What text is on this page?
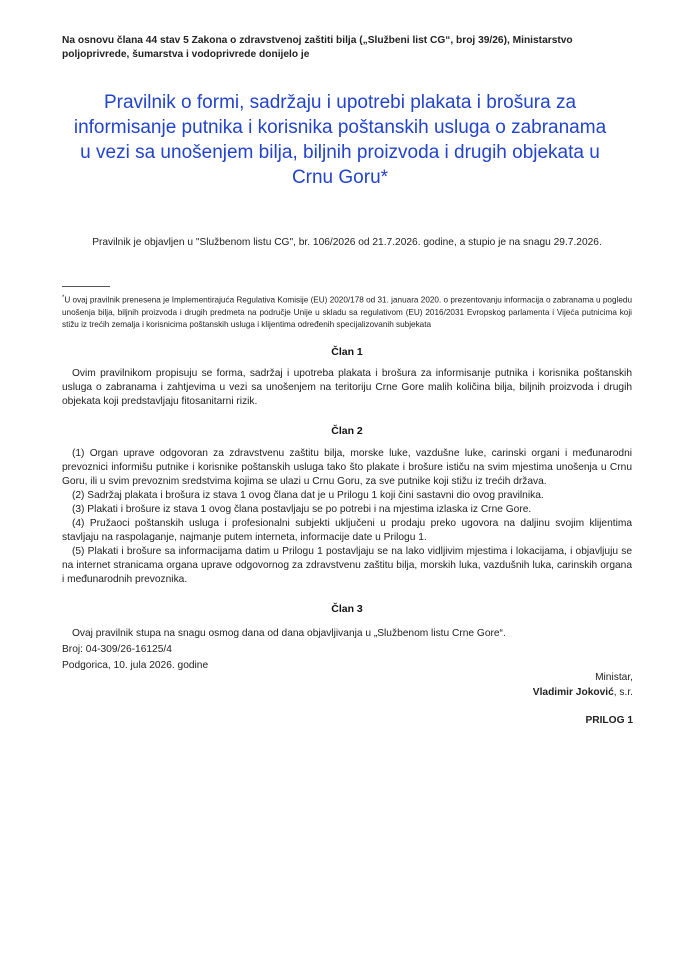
Na osnovu člana 44 stav 5 Zakona o zdravstvenoj zaštiti bilja („Službeni list CG“, broj 39/26), Ministarstvo poljoprivrede, šumarstva i vodoprivrede donijelo je
Pravilnik o formi, sadržaju i upotrebi plakata i brošura za informisanje putnika i korisnika poštanskih usluga o zabranama u vezi sa unošenjem bilja, biljnih proizvoda i drugih objekata u Crnu Goru*
Pravilnik je objavljen u "Službenom listu CG", br. 106/2026 od 21.7.2026. godine, a stupio je na snagu 29.7.2026.
*U ovaj pravilnik prenesena je Implementirajuća Regulativa Komisije (EU) 2020/178 od 31. januara 2020. o prezentovanju informacija o zabranama u pogledu unošenja bilja, biljnih proizvoda i drugih predmeta na područje Unije u skladu sa regulativom (EU) 2016/2031 Evropskog parlamenta i Vijeća putnicima koji stižu iz trećih zemalja i korisnicima poštanskih usluga i klijentima određenih specijalizovanih subjekata
Član 1

Ovim pravilnikom propisuju se forma, sadržaj i upotreba plakata i brošura za informisanje putnika i korisnika poštanskih usluga o zabranama i zahtjevima u vezi sa unošenjem na teritoriju Crne Gore malih količina bilja, biljnih proizvoda i drugih objekata koji predstavljaju fitosanitarni rizik.

Član 2

(1) Organ uprave odgovoran za zdravstvenu zaštitu bilja, morske luke, vazdušne luke, carinski organi i međunarodni prevoznici informišu putnike i korisnike poštanskih usluga tako što plakate i brošure ističu na svim mjestima unošenja u Crnu Goru, ili u svim prevoznim sredstvima kojima se ulazi u Crnu Goru, za sve putnike koji stižu iz trećih država.

(2) Sadržaj plakata i brošura iz stava 1 ovog člana dat je u Prilogu 1 koji čini sastavni dio ovog pravilnika.

(3) Plakati i brošure iz stava 1 ovog člana postavljaju se po potrebi i na mjestima izlaska iz Crne Gore.

(4) Pružaoci poštanskih usluga i profesionalni subjekti uključeni u prodaju preko ugovora na daljinu svojim klijentima stavljaju na raspolaganje, najmanje putem interneta, informacije date u Prilogu 1.

(5) Plakati i brošure sa informacijama datim u Prilogu 1 postavljaju se na lako vidljivim mjestima i lokacijama, i objavljuju se na internet stranicama organa uprave odgovornog za zdravstvenu zaštitu bilja, morskih luka, vazdušnih luka, carinskih organa i međunarodnih prevoznika.

Član 3
Ovaj pravilnik stupa na snagu osmog dana od dana objavljivanja u „Službenom listu Crne Gore“.
Broj: 04-309/26-16125/4
Podgorica, 10. jula 2026. godine
Ministar,
Vladimir Joković, s.r.
PRILOG 1
